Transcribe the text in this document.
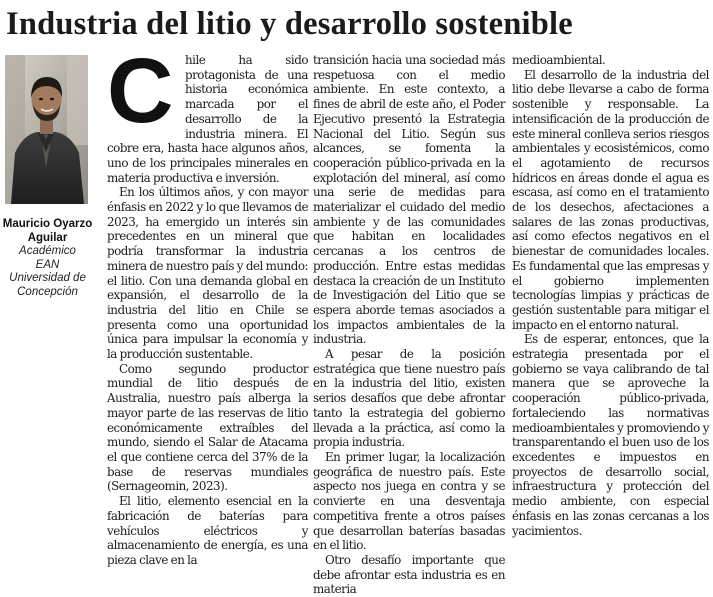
Industria del litio y desarrollo sostenible
Mauricio Oyarzo Aguilar
Académico
EAN
Universidad de Concepción

C	hile ha sido protagonista de una historia económica marcada por el desarrollo de la industria minera. El cobre era, hasta hace algunos años, uno de los principales minerales en materia productiva e inversión.

En los últimos años, y con mayor énfasis en 2022 y lo que llevamos de 2023, ha emergido un interés sin precedentes en un mineral que podría transformar la industria minera de nuestro país y del mundo: el litio. Con una demanda global en expansión, el desarrollo de la industria del litio en Chile se presenta como una oportunidad única para impulsar la economía y la producción sustentable.

Como segundo productor mundial de litio después de Australia, nuestro país alberga la mayor parte de las reservas de litio económicamente extraíbles del mundo, siendo el Salar de Atacama el que contiene cerca del 37% de la base de reservas mundiales (Sernageomin, 2023).

El litio, elemento esencial en la fabricación de baterías para vehículos eléctricos y almacenamiento de energía, es una pieza clave en la

transición hacia una sociedad más respetuosa con el medio ambiente. En este contexto, a fines de abril de este año, el Poder Ejecutivo presentó la Estrategia Nacional del Litio. Según sus alcances, se fomenta la cooperación público-privada en la explotación del mineral, así como una serie de medidas para materializar el cuidado del medio ambiente y de las comunidades que habitan en localidades cercanas a los centros de producción. Entre estas medidas destaca la creación de un Instituto de Investigación del Litio que se espera aborde temas asociados a los impactos ambientales de la industria.

A pesar de la posición estratégica que tiene nuestro país en la industria del litio, existen serios desafíos que debe afrontar tanto la estrategia del gobierno llevada a la práctica, así como la propia industria.

En primer lugar, la localización geográfica de nuestro país. Este aspecto nos juega en contra y se convierte en una desventaja competitiva frente a otros países que desarrollan baterías basadas en el litio.

Otro desafío importante que debe afrontar esta industria es en materia

medioambiental.

El desarrollo de la industria del litio debe llevarse a cabo de forma sostenible y responsable. La intensificación de la producción de este mineral conlleva serios riesgos ambientales y ecosistémicos, como el agotamiento de recursos hídricos en áreas donde el agua es escasa, así como en el tratamiento de los desechos, afectaciones a salares de las zonas productivas, así como efectos negativos en el bienestar de comunidades locales. Es fundamental que las empresas y el gobierno implementen tecnologías limpias y prácticas de gestión sustentable para mitigar el impacto en el entorno natural.

Es de esperar, entonces, que la estrategia presentada por el gobierno se vaya calibrando de tal manera que se aproveche la cooperación público-privada, fortaleciendo las normativas medioambientales y promoviendo y transparentando el buen uso de los excedentes e impuestos en proyectos de desarrollo social, infraestructura y protección del medio ambiente, con especial énfasis en las zonas cercanas a los yacimientos.
